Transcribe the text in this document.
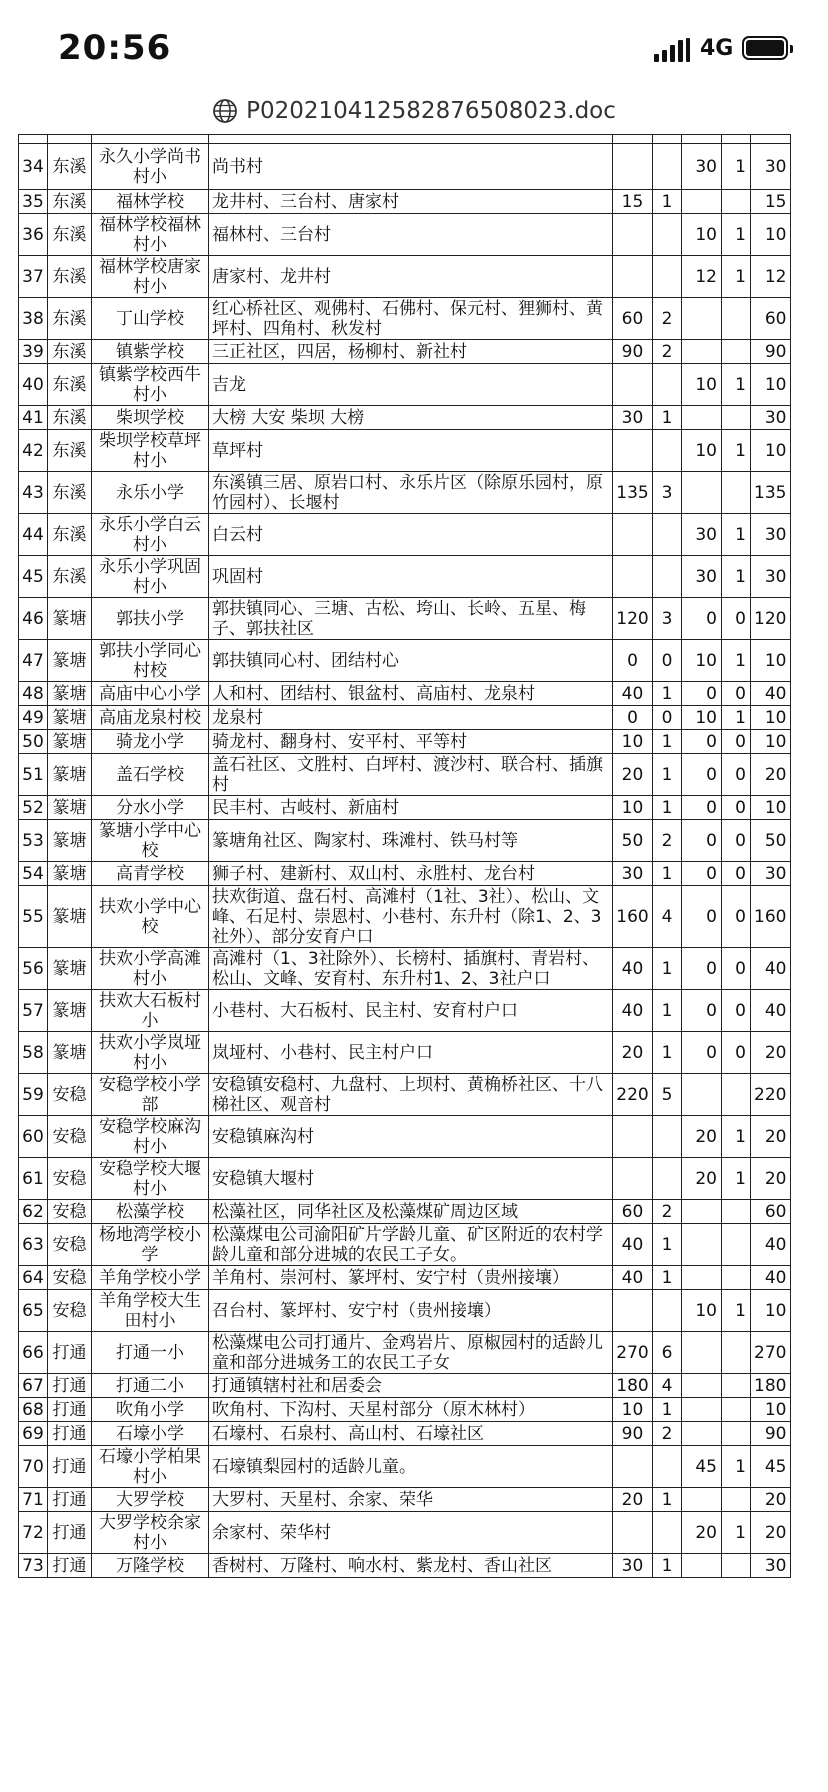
20:56	4G
P020210412582876508023.doc

34	东溪	永久小学尚书村小	尚书村			30	1	30
35	东溪	福林学校	龙井村、三台村、唐家村	15	1			15
36	东溪	福林学校福林村小	福林村、三台村			10	1	10
37	东溪	福林学校唐家村小	唐家村、龙井村			12	1	12
38	东溪	丁山学校	红心桥社区、观佛村、石佛村、保元村、狸狮村、黄坪村、四角村、秋发村	60	2			60
39	东溪	镇紫学校	三正社区，四居，杨柳村、新社村	90	2			90
40	东溪	镇紫学校西牛村小	吉龙			10	1	10
41	东溪	柴坝学校	大榜 大安 柴坝 大榜	30	1			30
42	东溪	柴坝学校草坪村小	草坪村			10	1	10
43	东溪	永乐小学	东溪镇三居、原岩口村、永乐片区（除原乐园村，原竹园村）、长堰村	135	3			135
44	东溪	永乐小学白云村小	白云村			30	1	30
45	东溪	永乐小学巩固村小	巩固村			30	1	30
46	篆塘	郭扶小学	郭扶镇同心、三塘、古松、垮山、长岭、五星、梅子、郭扶社区	120	3	0	0	120
47	篆塘	郭扶小学同心村校	郭扶镇同心村、团结村心	0	0	10	1	10
48	篆塘	高庙中心小学	人和村、团结村、银盆村、高庙村、龙泉村	40	1	0	0	40
49	篆塘	高庙龙泉村校	龙泉村	0	0	10	1	10
50	篆塘	骑龙小学	骑龙村、翻身村、安平村、平等村	10	1	0	0	10
51	篆塘	盖石学校	盖石社区、文胜村、白坪村、渡沙村、联合村、插旗村	20	1	0	0	20
52	篆塘	分水小学	民丰村、古岐村、新庙村	10	1	0	0	10
53	篆塘	篆塘小学中心校	篆塘角社区、陶家村、珠滩村、铁马村等	50	2	0	0	50
54	篆塘	高青学校	狮子村、建新村、双山村、永胜村、龙台村	30	1	0	0	30
55	篆塘	扶欢小学中心校	扶欢街道、盘石村、高滩村（1社、3社）、松山、文峰、石足村、崇恩村、小巷村、东升村（除1、2、3社外）、部分安育户口	160	4	0	0	160
56	篆塘	扶欢小学高滩村小	高滩村（1、3社除外）、长榜村、插旗村、青岩村、松山、文峰、安育村、东升村1、2、3社户口	40	1	0	0	40
57	篆塘	扶欢大石板村小	小巷村、大石板村、民主村、安育村户口	40	1	0	0	40
58	篆塘	扶欢小学岚垭村小	岚垭村、小巷村、民主村户口	20	1	0	0	20
59	安稳	安稳学校小学部	安稳镇安稳村、九盘村、上坝村、黄桷桥社区、十八梯社区、观音村	220	5			220
60	安稳	安稳学校麻沟村小	安稳镇麻沟村			20	1	20
61	安稳	安稳学校大堰村小	安稳镇大堰村			20	1	20
62	安稳	松藻学校	松藻社区，同华社区及松藻煤矿周边区域	60	2			60
63	安稳	杨地湾学校小学	松藻煤电公司渝阳矿片学龄儿童、矿区附近的农村学龄儿童和部分进城的农民工子女。	40	1			40
64	安稳	羊角学校小学	羊角村、崇河村、篆坪村、安宁村（贵州接壤）	40	1			40
65	安稳	羊角学校大生田村小	召台村、篆坪村、安宁村（贵州接壤）			10	1	10
66	打通	打通一小	松藻煤电公司打通片、金鸡岩片、原椒园村的适龄儿童和部分进城务工的农民工子女	270	6			270
67	打通	打通二小	打通镇辖村社和居委会	180	4			180
68	打通	吹角小学	吹角村、下沟村、天星村部分（原木林村）	10	1			10
69	打通	石壕小学	石壕村、石泉村、高山村、石壕社区	90	2			90
70	打通	石壕小学柏果村小	石壕镇梨园村的适龄儿童。			45	1	45
71	打通	大罗学校	大罗村、天星村、余家、荣华	20	1			20
72	打通	大罗学校余家村小	余家村、荣华村			20	1	20
73	打通	万隆学校	香树村、万隆村、响水村、紫龙村、香山社区	30	1			30
